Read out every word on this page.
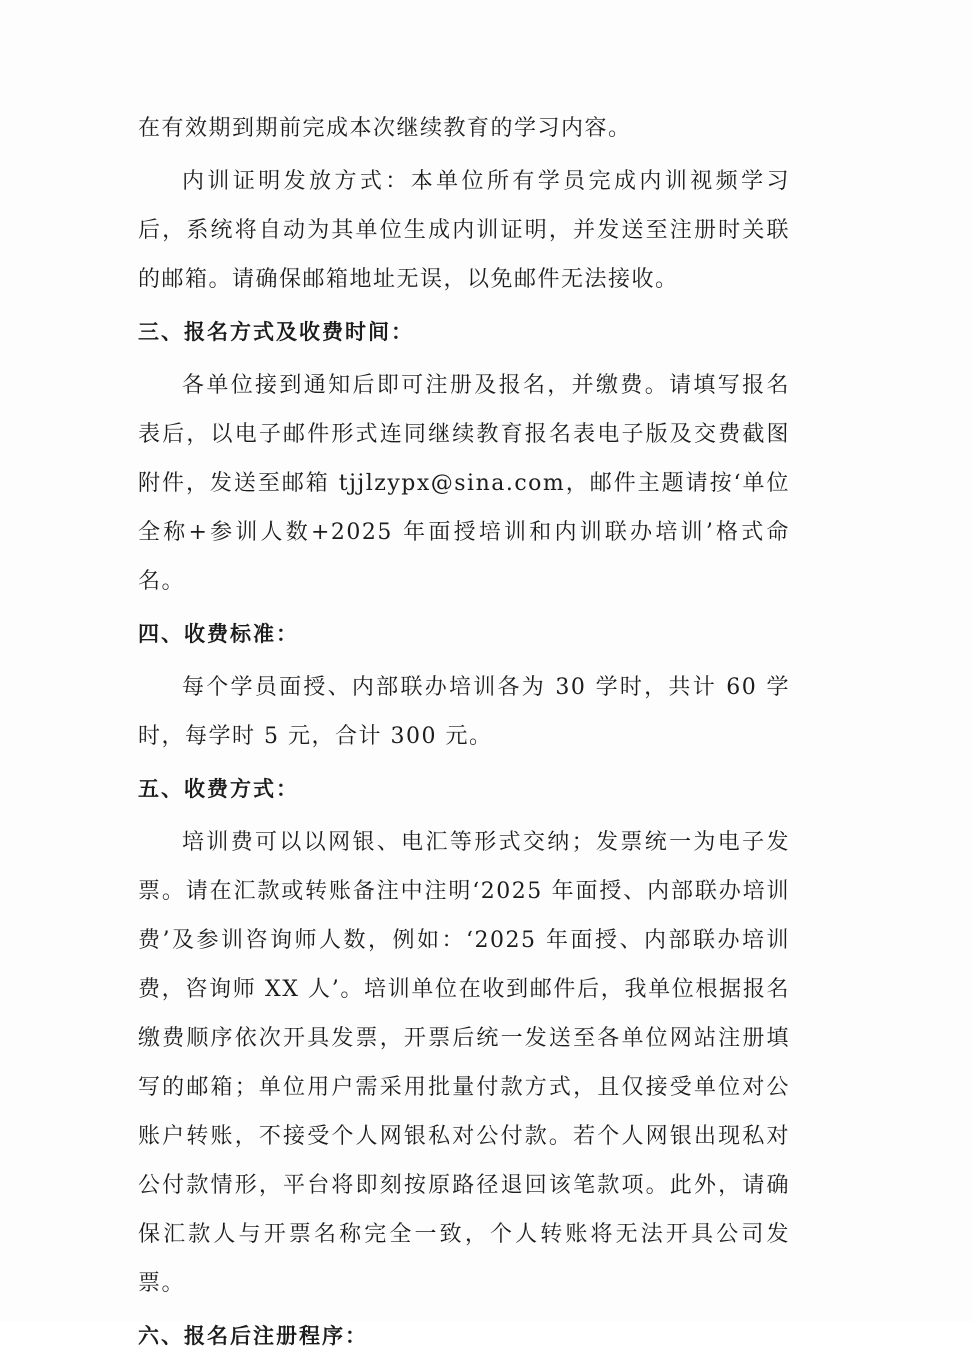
在有效期到期前完成本次继续教育的学习内容。

内训证明发放方式：本单位所有学员完成内训视频学习后，系统将自动为其单位生成内训证明，并发送至注册时关联的邮箱。请确保邮箱地址无误，以免邮件无法接收。

三、报名方式及收费时间：

各单位接到通知后即可注册及报名，并缴费。请填写报名表后，以电子邮件形式连同继续教育报名表电子版及交费截图附件，发送至邮箱 tjjlzypx@sina.com，邮件主题请按‘单位全称+参训人数+2025 年面授培训和内训联办培训’格式命名。

四、收费标准：

每个学员面授、内部联办培训各为 30 学时，共计 60 学时，每学时 5 元，合计 300 元。

五、收费方式：

培训费可以以网银、电汇等形式交纳；发票统一为电子发票。请在汇款或转账备注中注明‘2025 年面授、内部联办培训费’及参训咨询师人数，例如：‘2025 年面授、内部联办培训费，咨询师 XX 人’。培训单位在收到邮件后，我单位根据报名缴费顺序依次开具发票，开票后统一发送至各单位网站注册填写的邮箱；单位用户需采用批量付款方式，且仅接受单位对公账户转账，不接受个人网银私对公付款。若个人网银出现私对公付款情形，平台将即刻按原路径退回该笔款项。此外，请确保汇款人与开票名称完全一致，个人转账将无法开具公司发票。

六、报名后注册程序：
